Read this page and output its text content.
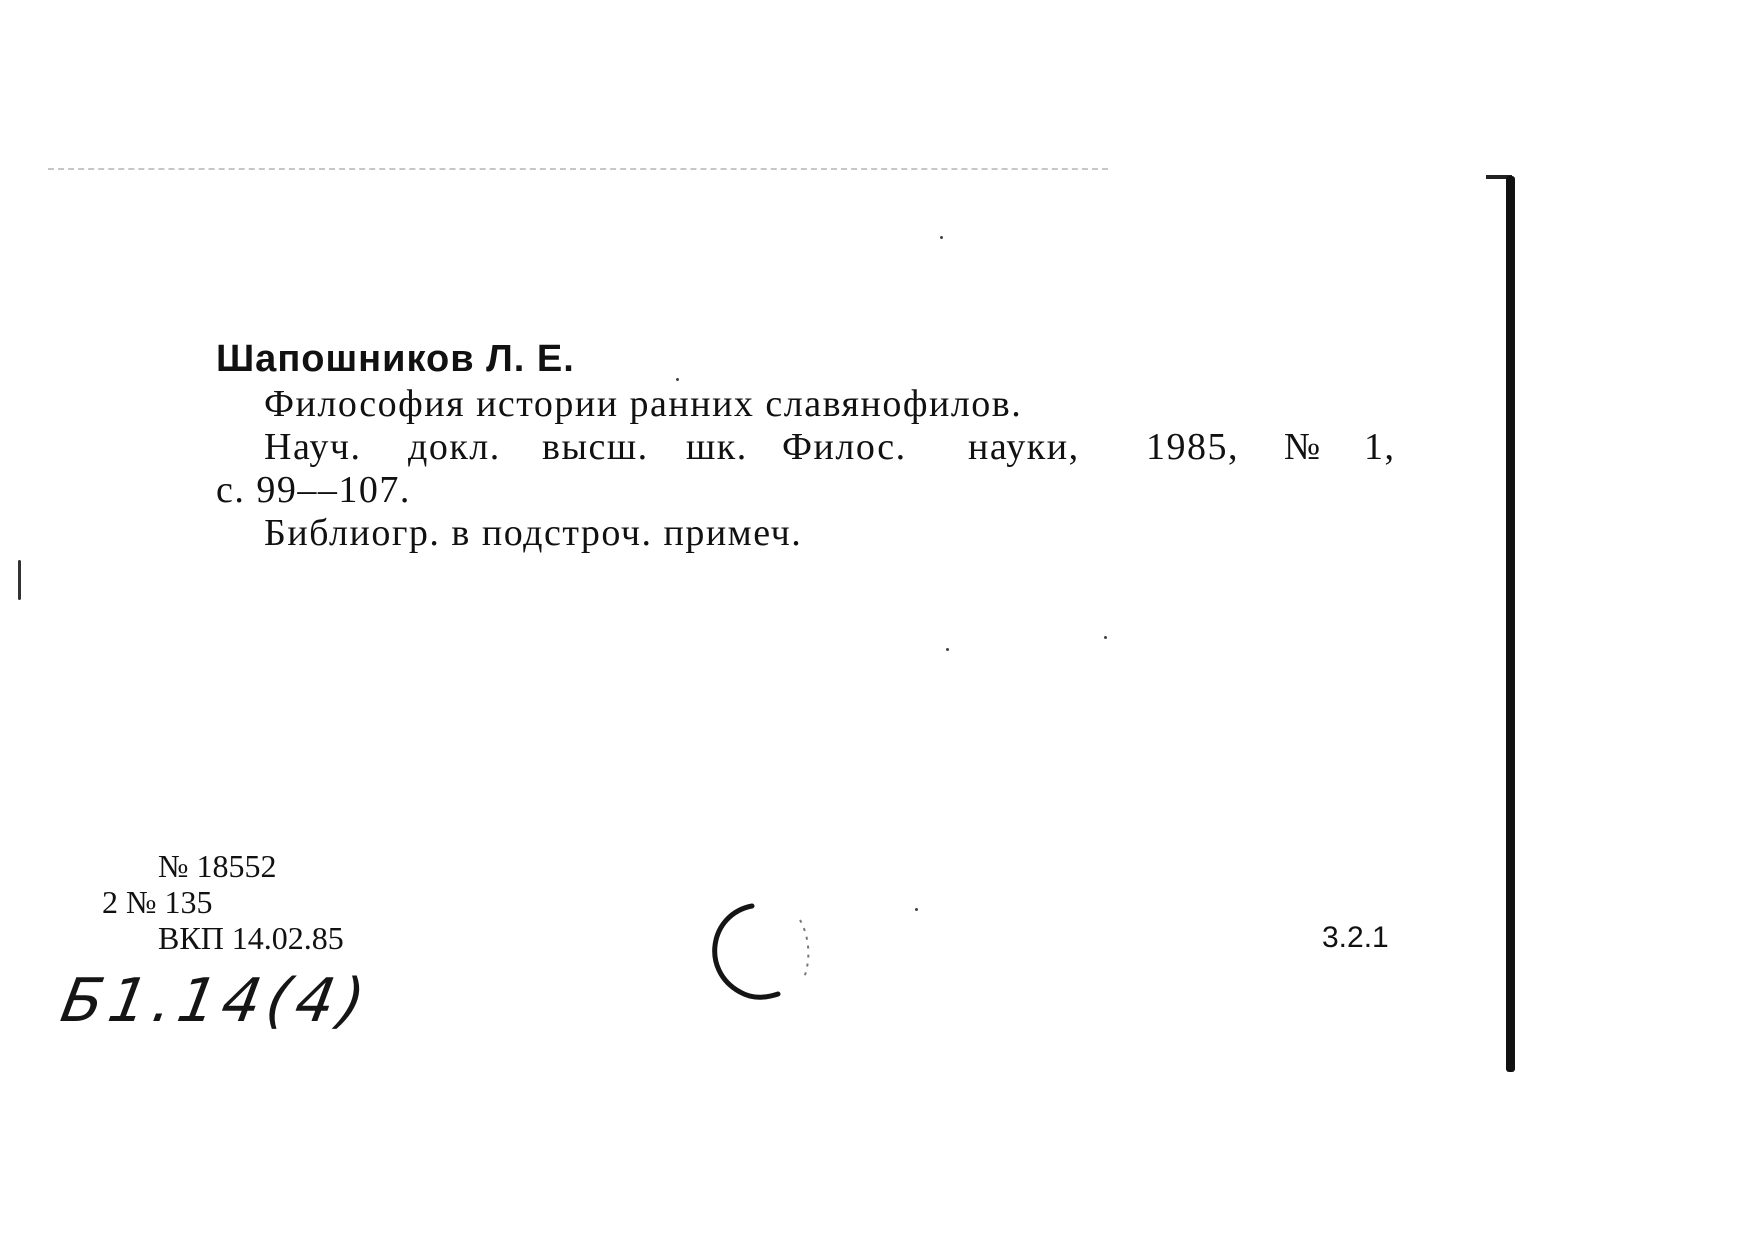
Шапошников Л. Е.
Философия истории ранних славянофилов.
Науч. докл. высш. шк. Филос. науки, 1985, № 1,
с. 99––107.
Библиогр. в подстроч. примеч.
№ 18552
2 № 135
ВКП 14.02.85	3.2.1
Б1.14(4)
